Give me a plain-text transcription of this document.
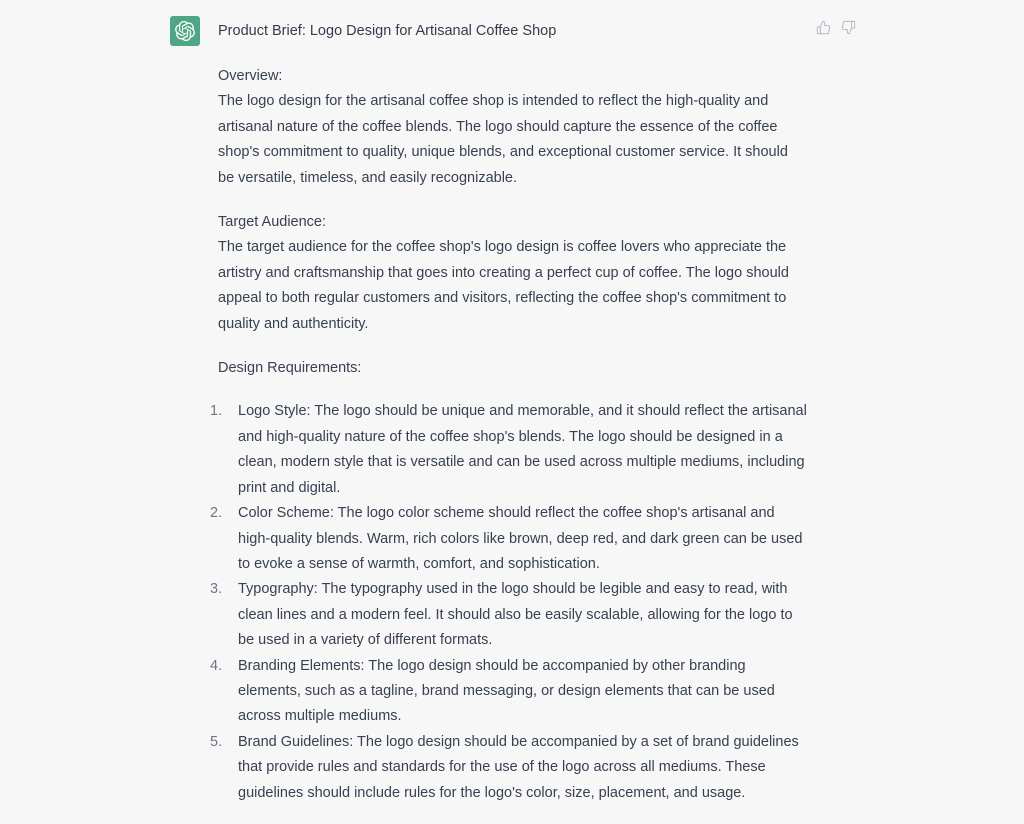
Product Brief: Logo Design for Artisanal Coffee Shop
Overview:
The logo design for the artisanal coffee shop is intended to reflect the high-quality and artisanal nature of the coffee blends. The logo should capture the essence of the coffee shop's commitment to quality, unique blends, and exceptional customer service. It should be versatile, timeless, and easily recognizable.
Target Audience:
The target audience for the coffee shop's logo design is coffee lovers who appreciate the artistry and craftsmanship that goes into creating a perfect cup of coffee. The logo should appeal to both regular customers and visitors, reflecting the coffee shop's commitment to quality and authenticity.
Design Requirements:
1.	Logo Style: The logo should be unique and memorable, and it should reflect the artisanal and high-quality nature of the coffee shop's blends. The logo should be designed in a clean, modern style that is versatile and can be used across multiple mediums, including print and digital.
2.	Color Scheme: The logo color scheme should reflect the coffee shop's artisanal and high-quality blends. Warm, rich colors like brown, deep red, and dark green can be used to evoke a sense of warmth, comfort, and sophistication.
3.	Typography: The typography used in the logo should be legible and easy to read, with clean lines and a modern feel. It should also be easily scalable, allowing for the logo to be used in a variety of different formats.
4.	Branding Elements: The logo design should be accompanied by other branding elements, such as a tagline, brand messaging, or design elements that can be used across multiple mediums.
5.	Brand Guidelines: The logo design should be accompanied by a set of brand guidelines that provide rules and standards for the use of the logo across all mediums. These guidelines should include rules for the logo's color, size, placement, and usage.
